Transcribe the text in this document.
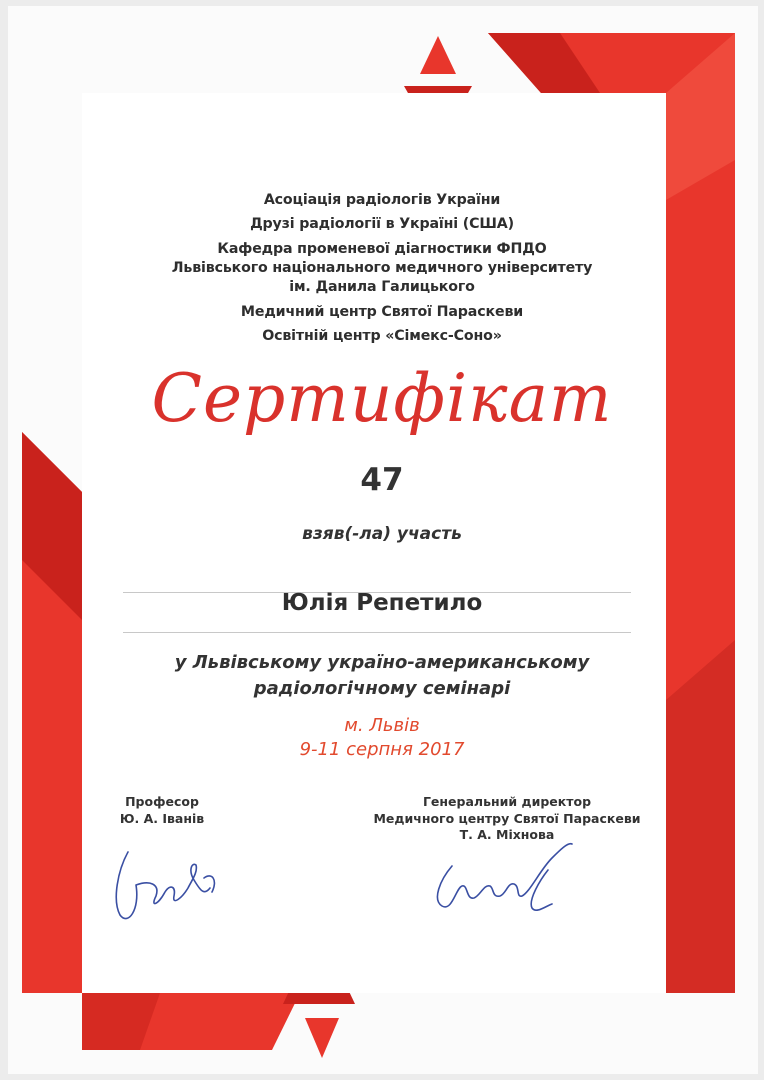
Асоціація радіологів України
Друзі радіології в Україні (США)
Кафедра променевої діагностики ФПДО
Львівського національного медичного університету
ім. Данила Галицького
Медичний центр Святої Параскеви
Освітній центр «Сімекс-Соно»
Сертифікат
47
взяв(-ла) участь
Юлія Репетило
у Львівському україно-американському
радіологічному семінарі
м. Львів
9-11 серпня 2017
Професор
Ю. А. Іванів
Генеральний директор
Медичного центру Святої Параскеви
Т. А. Міхнова
